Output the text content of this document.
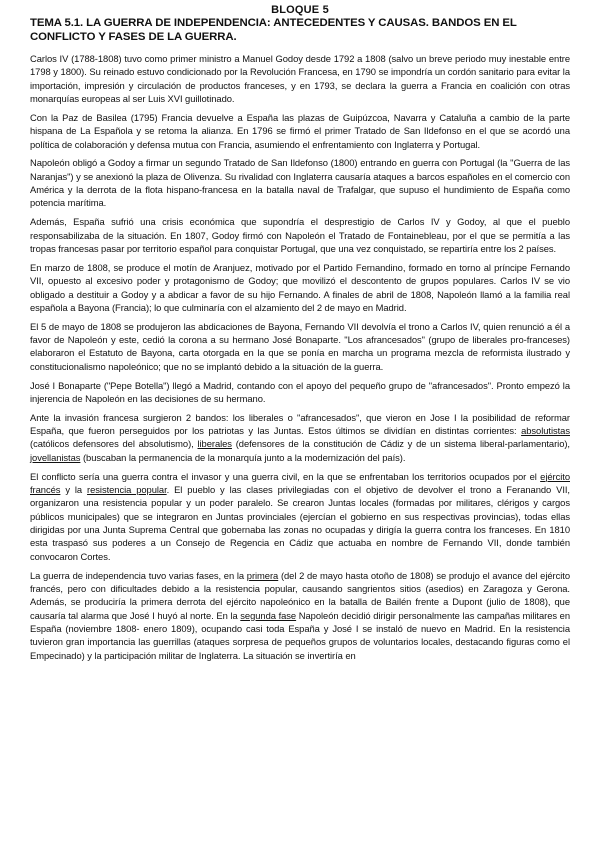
BLOQUE 5
TEMA 5.1. LA GUERRA DE INDEPENDENCIA: ANTECEDENTES Y CAUSAS. BANDOS EN EL CONFLICTO Y FASES DE LA GUERRA.

Carlos IV (1788-1808) tuvo como primer ministro a Manuel Godoy desde 1792 a 1808 (salvo un breve periodo muy inestable entre 1798 y 1800). Su reinado estuvo condicionado por la Revolución Francesa, en 1790 se impondría un cordón sanitario para evitar la importación, impresión y circulación de productos franceses, y en 1793, se declara la guerra a Francia en coalición con otras monarquías europeas al ser Luis XVI guillotinado.

Con la Paz de Basilea (1795) Francia devuelve a España las plazas de Guipúzcoa, Navarra y Cataluña a cambio de la parte hispana de La Española y se retoma la alianza. En 1796 se firmó el primer Tratado de San Ildefonso en el que se acordó una política de colaboración y defensa mutua con Francia, asumiendo el enfrentamiento con Inglaterra y Portugal.

Napoleón obligó a Godoy a firmar un segundo Tratado de San Ildefonso (1800) entrando en guerra con Portugal (la "Guerra de las Naranjas") y se anexionó la plaza de Olivenza. Su rivalidad con Inglaterra causaría ataques a barcos españoles en el comercio con América y la derrota de la flota hispano-francesa en la batalla naval de Trafalgar, que supuso el hundimiento de España como potencia marítima.

Además, España sufrió una crisis económica que supondría el desprestigio de Carlos IV y Godoy, al que el pueblo responsabilizaba de la situación. En 1807, Godoy firmó con Napoleón el Tratado de Fontainebleau, por el que se permitía a las tropas francesas pasar por territorio español para conquistar Portugal, que una vez conquistado, se repartiría entre los 2 países.

En marzo de 1808, se produce el motín de Aranjuez, motivado por el Partido Fernandino, formado en torno al príncipe Fernando VII, opuesto al excesivo poder y protagonismo de Godoy; que movilizó el descontento de grupos populares. Carlos IV se vio obligado a destituir a Godoy y a abdicar a favor de su hijo Fernando. A finales de abril de 1808, Napoleón llamó a la familia real española a Bayona (Francia); lo que culminaría con el alzamiento del 2 de mayo en Madrid.

El 5 de mayo de 1808 se produjeron las abdicaciones de Bayona, Fernando VII devolvía el trono a Carlos IV, quien renunció a él a favor de Napoleón y este, cedió la corona a su hermano José Bonaparte. "Los afrancesados" (grupo de liberales pro-franceses) elaboraron el Estatuto de Bayona, carta otorgada en la que se ponía en marcha un programa mezcla de reformista ilustrado y constitucionalismo napoleónico; que no se implantó debido a la situación de la guerra.

José I Bonaparte ("Pepe Botella") llegó a Madrid, contando con el apoyo del pequeño grupo de "afrancesados". Pronto empezó la injerencia de Napoleón en las decisiones de su hermano.

Ante la invasión francesa surgieron 2 bandos: los liberales o "afrancesados", que vieron en Jose I la posibilidad de reformar España, que fueron perseguidos por los patriotas y las Juntas. Estos últimos se dividían en distintas corrientes: absolutistas (católicos defensores del absolutismo), liberales (defensores de la constitución de Cádiz y de un sistema liberal-parlamentario), jovellanistas (buscaban la permanencia de la monarquía junto a la modernización del país).

El conflicto sería una guerra contra el invasor y una guerra civil, en la que se enfrentaban los territorios ocupados por el ejército francés y la resistencia popular. El pueblo y las clases privilegiadas con el objetivo de devolver el trono a Feranando VII, organizaron una resistencia popular y un poder paralelo. Se crearon Juntas locales (formadas por militares, clérigos y cargos públicos municipales) que se integraron en Juntas provinciales (ejercían el gobierno en sus respectivas provincias), todas ellas dirigidas por una Junta Suprema Central que gobernaba las zonas no ocupadas y dirigía la guerra contra los franceses. En 1810 esta traspasó sus poderes a un Consejo de Regencia en Cádiz que actuaba en nombre de Fernando VII, donde también convocaron Cortes.

La guerra de independencia tuvo varias fases, en la primera (del 2 de mayo hasta otoño de 1808) se produjo el avance del ejército francés, pero con dificultades debido a la resistencia popular, causando sangrientos sitios (asedios) en Zaragoza y Gerona. Además, se produciría la primera derrota del ejército napoleónico en la batalla de Bailén frente a Dupont (julio de 1808), que causaría tal alarma que José I huyó al norte. En la segunda fase Napoleón decidió dirigir personalmente las campañas militares en España (noviembre 1808- enero 1809), ocupando casi toda España y José I se instaló de nuevo en Madrid. En la resistencia tuvieron gran importancia las guerrillas (ataques sorpresa de pequeños grupos de voluntarios locales, destacando figuras como el Empecinado) y la participación militar de Inglaterra. La situación se invertiría en
